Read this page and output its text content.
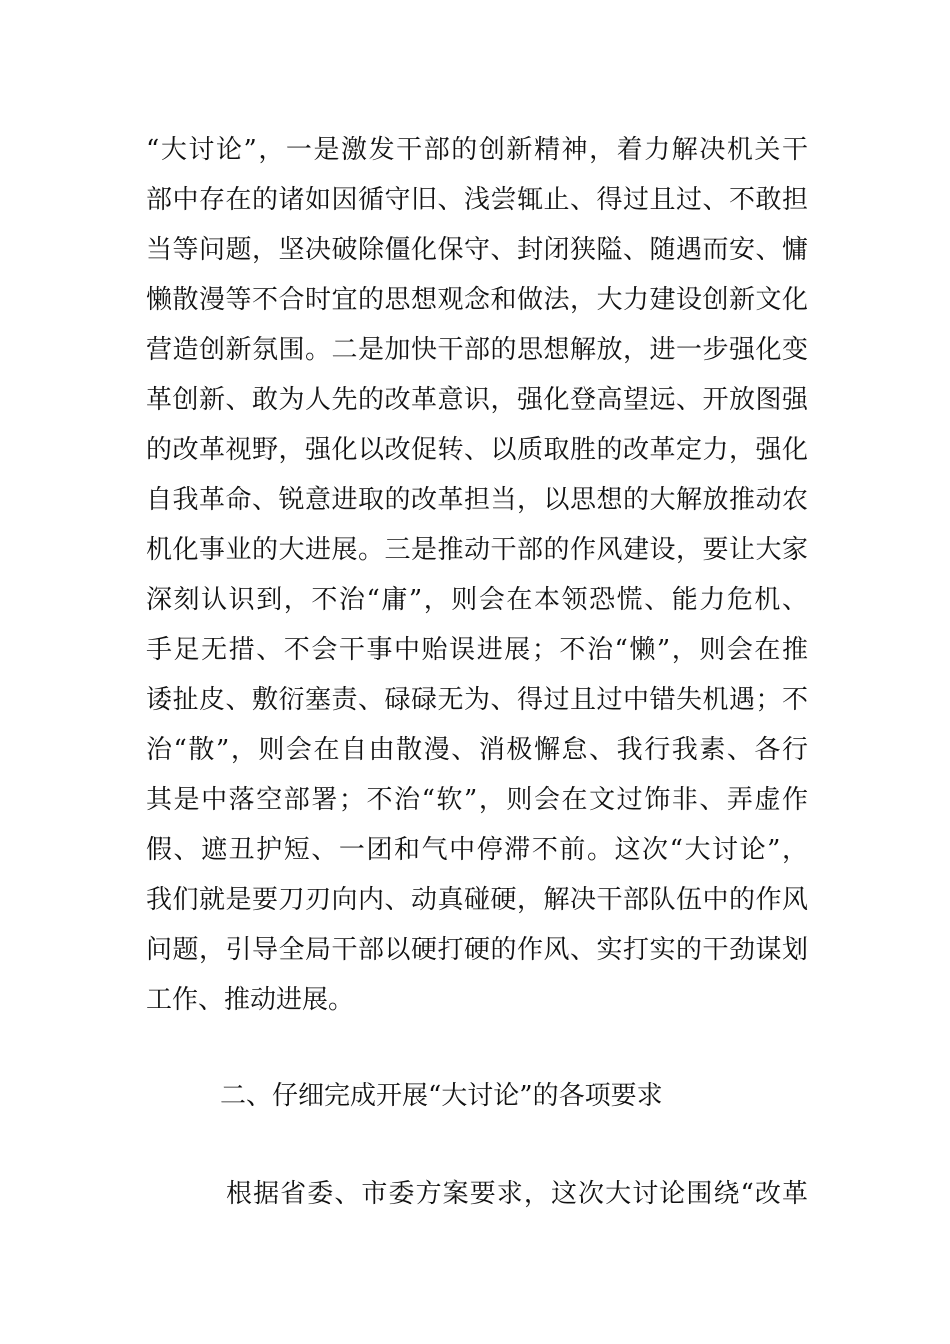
“大讨论”，一是激发干部的创新精神，着力解决机关干
部中存在的诸如因循守旧、浅尝辄止、得过且过、不敢担
当等问题，坚决破除僵化保守、封闭狭隘、随遇而安、慵
懒散漫等不合时宜的思想观念和做法，大力建设创新文化
营造创新氛围。二是加快干部的思想解放，进一步强化变
革创新、敢为人先的改革意识，强化登高望远、开放图强
的改革视野，强化以改促转、以质取胜的改革定力，强化
自我革命、锐意进取的改革担当，以思想的大解放推动农
机化事业的大进展。三是推动干部的作风建设，要让大家
深刻认识到，不治“庸”，则会在本领恐慌、能力危机、
手足无措、不会干事中贻误进展；不治“懒”，则会在推
诿扯皮、敷衍塞责、碌碌无为、得过且过中错失机遇；不
治“散”，则会在自由散漫、消极懈怠、我行我素、各行
其是中落空部署；不治“软”，则会在文过饰非、弄虚作
假、遮丑护短、一团和气中停滞不前。这次“大讨论”，
我们就是要刀刃向内、动真碰硬，解决干部队伍中的作风
问题，引导全局干部以硬打硬的作风、实打实的干劲谋划
工作、推动进展。
二、仔细完成开展“大讨论”的各项要求
根据省委、市委方案要求，这次大讨论围绕“改革
